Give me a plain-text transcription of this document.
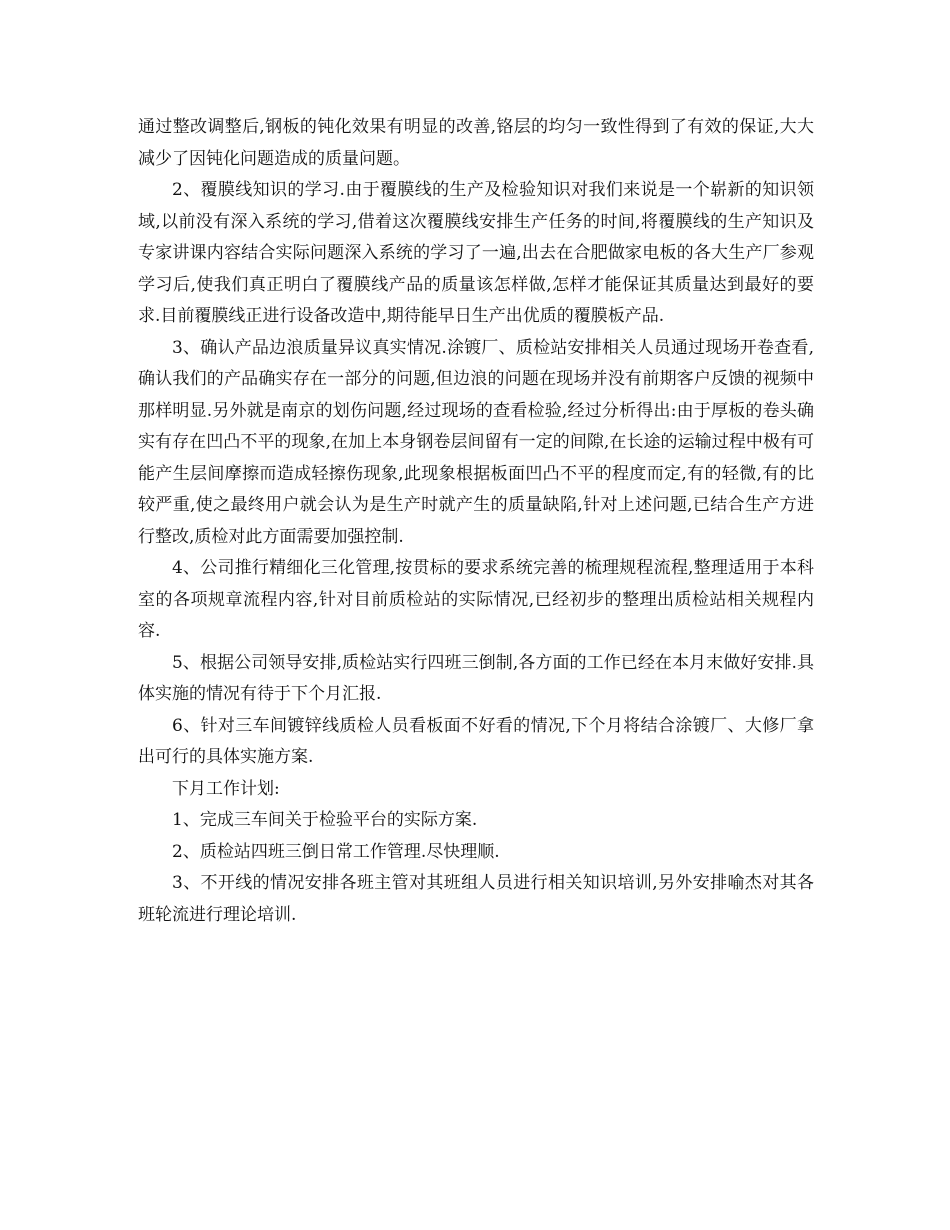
通过整改调整后,钢板的钝化效果有明显的改善,铬层的均匀一致性得到了有效的保证,大大减少了因钝化问题造成的质量问题。

2、覆膜线知识的学习.由于覆膜线的生产及检验知识对我们来说是一个崭新的知识领域,以前没有深入系统的学习,借着这次覆膜线安排生产任务的时间,将覆膜线的生产知识及专家讲课内容结合实际问题深入系统的学习了一遍,出去在合肥做家电板的各大生产厂参观学习后,使我们真正明白了覆膜线产品的质量该怎样做,怎样才能保证其质量达到最好的要求.目前覆膜线正进行设备改造中,期待能早日生产出优质的覆膜板产品.

3、确认产品边浪质量异议真实情况.涂镀厂、质检站安排相关人员通过现场开卷查看,确认我们的产品确实存在一部分的问题,但边浪的问题在现场并没有前期客户反馈的视频中那样明显.另外就是南京的划伤问题,经过现场的查看检验,经过分析得出:由于厚板的卷头确实有存在凹凸不平的现象,在加上本身钢卷层间留有一定的间隙,在长途的运输过程中极有可能产生层间摩擦而造成轻擦伤现象,此现象根据板面凹凸不平的程度而定,有的轻微,有的比较严重,使之最终用户就会认为是生产时就产生的质量缺陷,针对上述问题,已结合生产方进行整改,质检对此方面需要加强控制.

4、公司推行精细化三化管理,按贯标的要求系统完善的梳理规程流程,整理适用于本科室的各项规章流程内容,针对目前质检站的实际情况,已经初步的整理出质检站相关规程内容.

5、根据公司领导安排,质检站实行四班三倒制,各方面的工作已经在本月末做好安排.具体实施的情况有待于下个月汇报.

6、针对三车间镀锌线质检人员看板面不好看的情况,下个月将结合涂镀厂、大修厂拿出可行的具体实施方案.

下月工作计划:

1、完成三车间关于检验平台的实际方案.

2、质检站四班三倒日常工作管理.尽快理顺.

3、不开线的情况安排各班主管对其班组人员进行相关知识培训,另外安排喻杰对其各班轮流进行理论培训.
